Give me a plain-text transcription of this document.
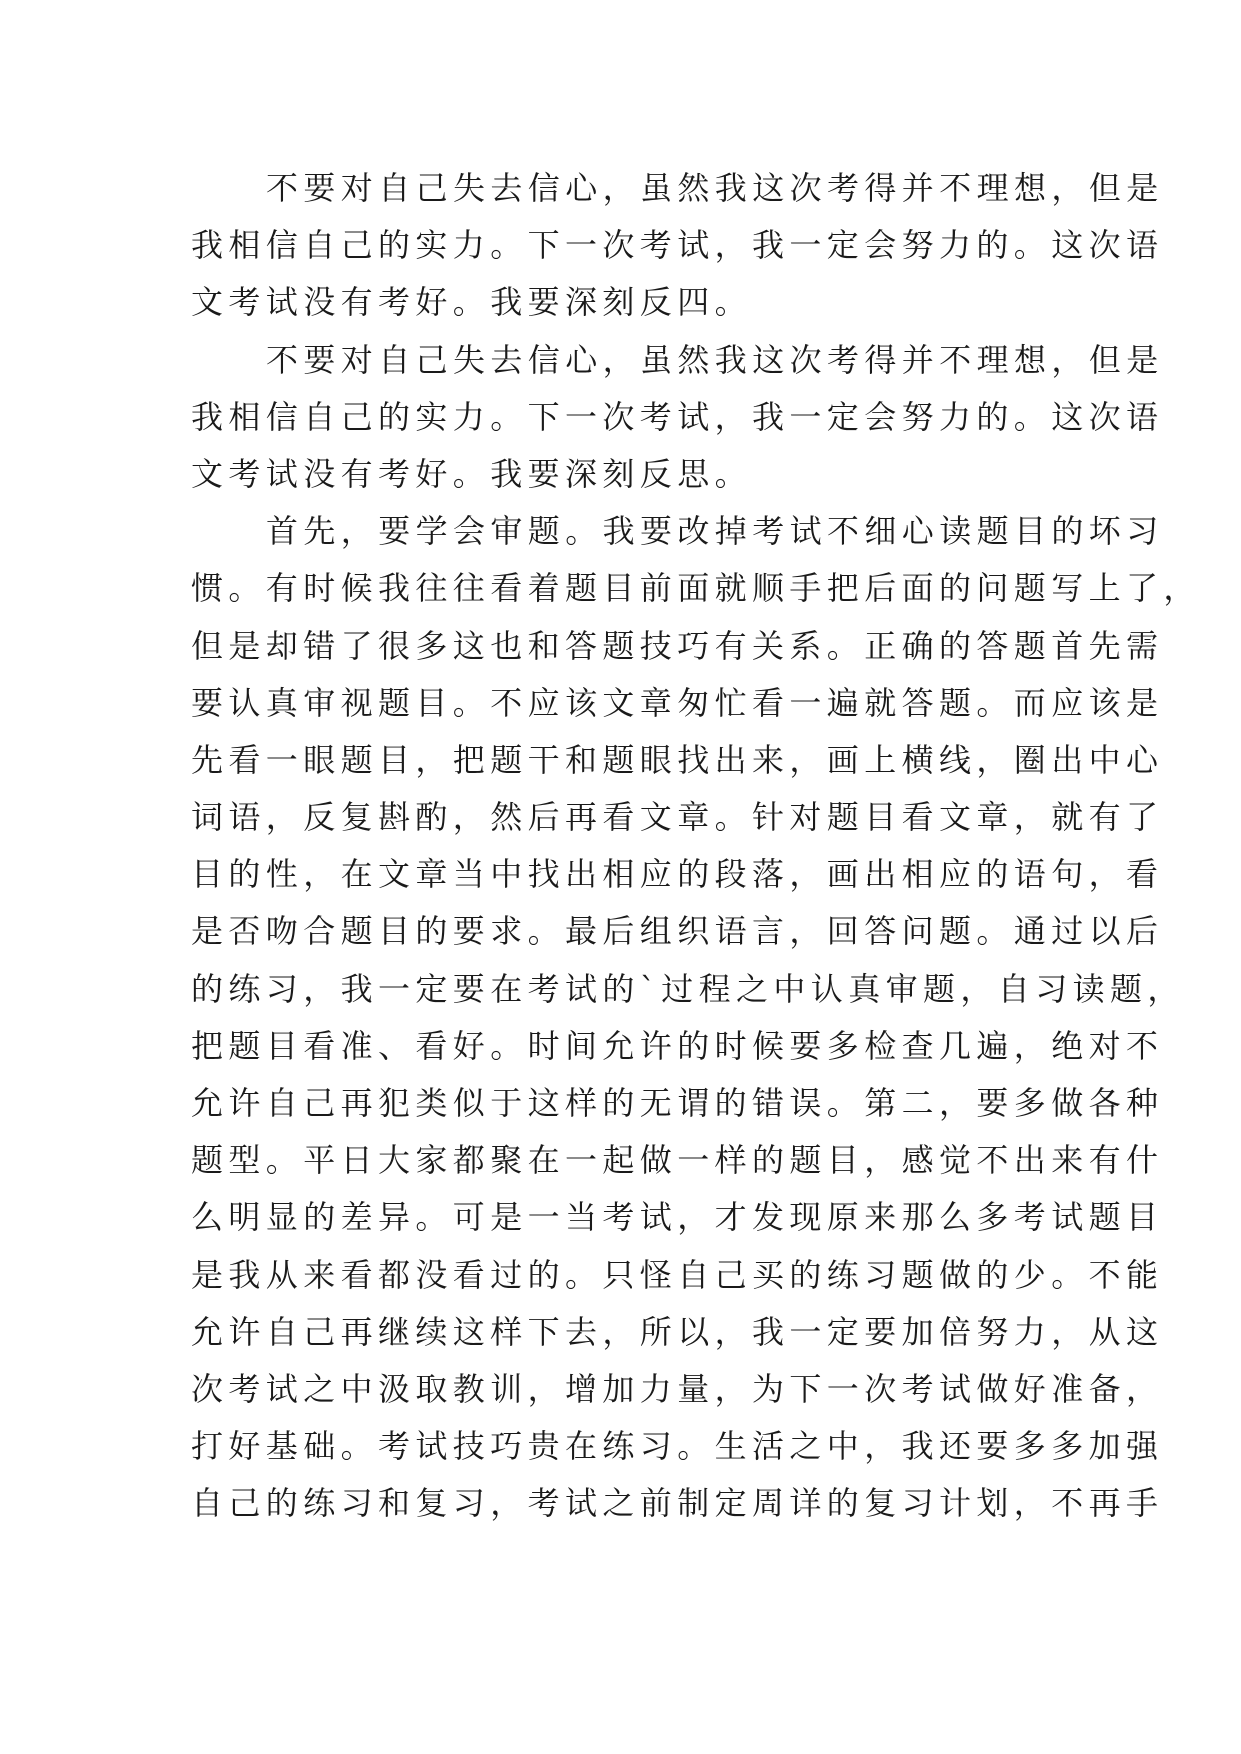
不要对自己失去信心，虽然我这次考得并不理想，但是
我相信自己的实力。下一次考试，我一定会努力的。这次语
文考试没有考好。我要深刻反四。
不要对自己失去信心，虽然我这次考得并不理想，但是
我相信自己的实力。下一次考试，我一定会努力的。这次语
文考试没有考好。我要深刻反思。
首先，要学会审题。我要改掉考试不细心读题目的坏习
惯。有时候我往往看着题目前面就顺手把后面的问题写上了，
但是却错了很多这也和答题技巧有关系。正确的答题首先需
要认真审视题目。不应该文章匆忙看一遍就答题。而应该是
先看一眼题目，把题干和题眼找出来，画上横线，圈出中心
词语，反复斟酌，然后再看文章。针对题目看文章，就有了
目的性，在文章当中找出相应的段落，画出相应的语句，看
是否吻合题目的要求。最后组织语言，回答问题。通过以后
的练习，我一定要在考试的`过程之中认真审题，自习读题，
把题目看准、看好。时间允许的时候要多检查几遍，绝对不
允许自己再犯类似于这样的无谓的错误。第二，要多做各种
题型。平日大家都聚在一起做一样的题目，感觉不出来有什
么明显的差异。可是一当考试，才发现原来那么多考试题目
是我从来看都没看过的。只怪自己买的练习题做的少。不能
允许自己再继续这样下去，所以，我一定要加倍努力，从这
次考试之中汲取教训，增加力量，为下一次考试做好准备，
打好基础。考试技巧贵在练习。生活之中，我还要多多加强
自己的练习和复习，考试之前制定周详的复习计划，不再手
